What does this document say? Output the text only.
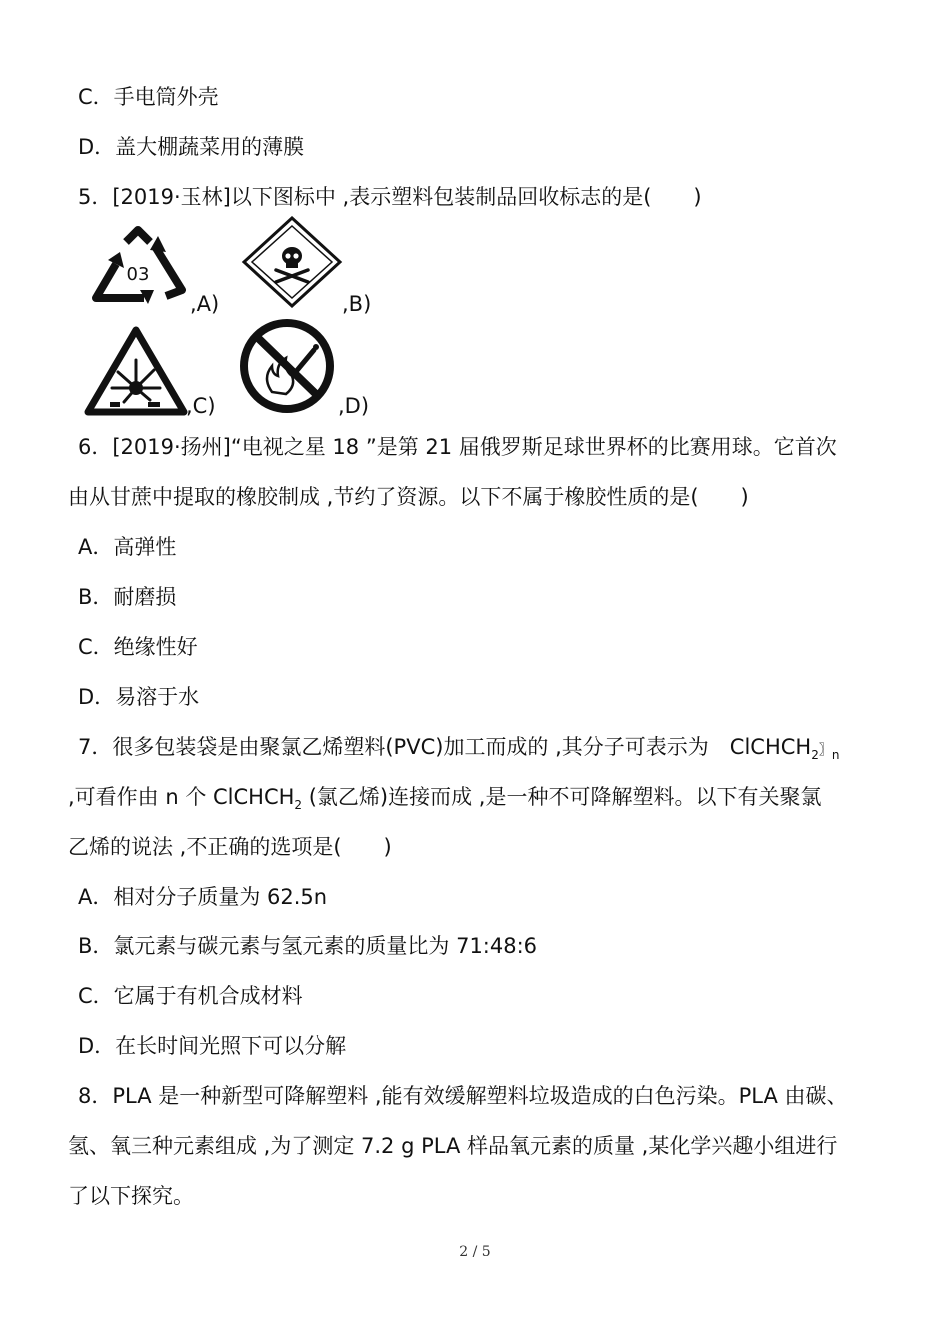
C．手电筒外壳
D．盖大棚蔬菜用的薄膜
5．[2019·玉林]以下图标中 ,表示塑料包装制品回收标志的是(　　)
03
,A)	,B)
,C)	,D)
6．[2019·扬州]“电视之星 18 ”是第 21 届俄罗斯足球世界杯的比赛用球。它首次
由从甘蔗中提取的橡胶制成 ,节约了资源。以下不属于橡胶性质的是(　　)
A．高弹性
B．耐磨损
C．绝缘性好
D．易溶于水
7．很多包装袋是由聚氯乙烯塑料(PVC)加工而成的 ,其分子可表示为　ClCHCH$_2$〗$_n$
,可看作由 n 个 ClCHCH$_2$ (氯乙烯)连接而成 ,是一种不可降解塑料。以下有关聚氯
乙烯的说法 ,不正确的选项是(　　)
A．相对分子质量为 62.5n
B．氯元素与碳元素与氢元素的质量比为 71:48:6
C．它属于有机合成材料
D．在长时间光照下可以分解
8．PLA 是一种新型可降解塑料 ,能有效缓解塑料垃圾造成的白色污染。PLA 由碳、
氢、氧三种元素组成 ,为了测定 7.2 g PLA 样品氧元素的质量 ,某化学兴趣小组进行
了以下探究。
2 / 5
